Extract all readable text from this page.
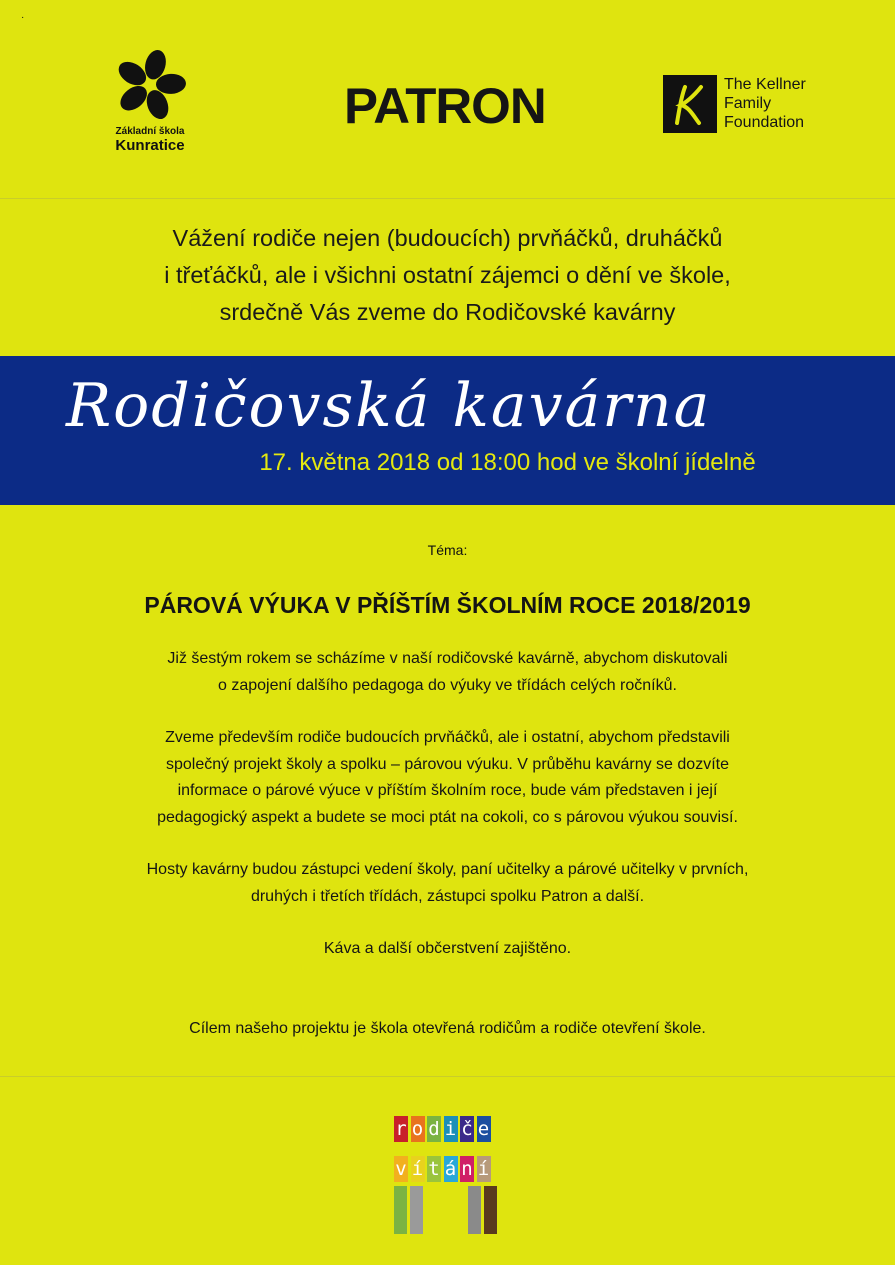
·
Základní škola
Kunratice
PATRON	The Kellner
Family
Foundation
Vážení rodiče nejen (budoucích) prvňáčků, druháčků
i třeťáčků, ale i všichni ostatní zájemci o dění ve škole,
srdečně Vás zveme do Rodičovské kavárny
Rodičovská kavárna
17. května 2018 od 18:00 hod ve školní jídelně
Téma:
PÁROVÁ VÝUKA V PŘÍŠTÍM ŠKOLNÍM ROCE 2018/2019
Již šestým rokem se scházíme v naší rodičovské kavárně, abychom diskutovali
o zapojení dalšího pedagoga do výuky ve třídách celých ročníků.
Zveme především rodiče budoucích prvňáčků, ale i ostatní, abychom představili
společný projekt školy a spolku – párovou výuku. V průběhu kavárny se dozvíte
informace o párové výuce v příštím školním roce, bude vám představen i její
pedagogický aspekt a budete se moci ptát na cokoli, co s párovou výukou souvisí.
Hosty kavárny budou zástupci vedení školy, paní učitelky a párové učitelky v prvních,
druhých i třetích třídách, zástupci spolku Patron a další.
Káva a další občerstvení zajištěno.
Cílem našeho projektu je škola otevřená rodičům a rodiče otevření škole.
r o d i č e
v í t á n í
